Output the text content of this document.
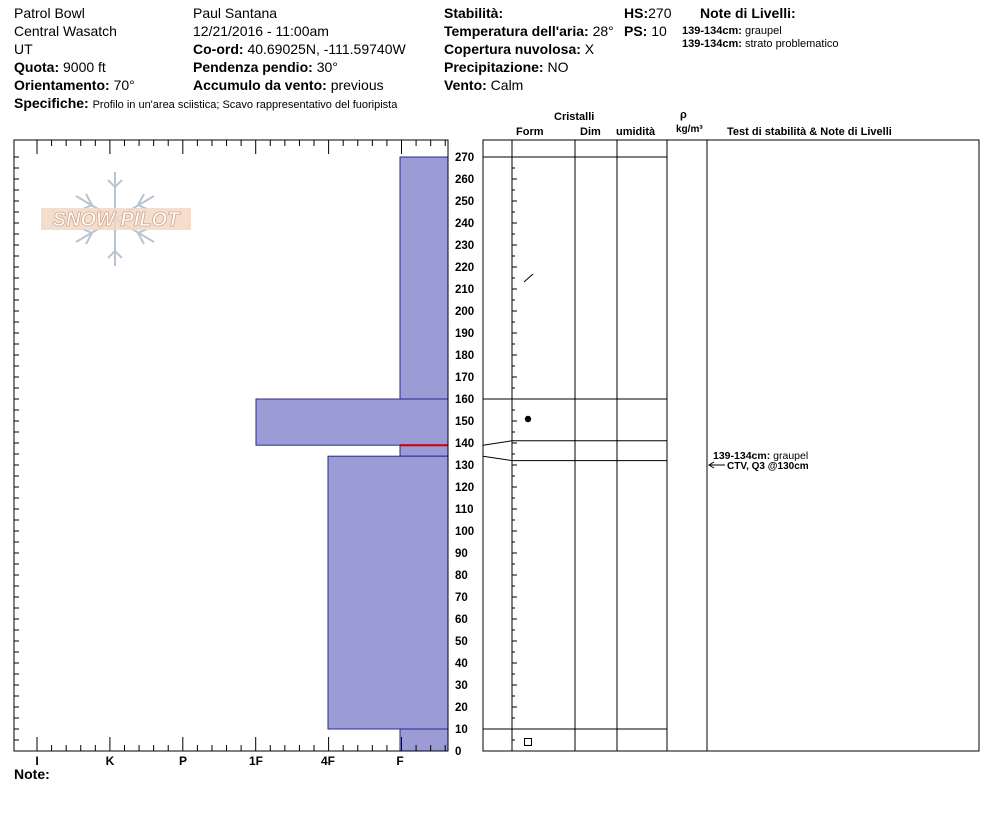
Patrol Bowl
Central Wasatch
UT
Quota: 9000 ft
Orientamento: 70°
Specifiche: Profilo in un'area sciistica; Scavo rappresentativo del fuoripista
Paul Santana
12/21/2016 - 11:00am
Co-ord: 40.69025N, -111.59740W
Pendenza pendio: 30°
Accumulo da vento: previous
Stabilità:
Temperatura dell'aria: 28°
Copertura nuvolosa: X
Precipitazione: NO
Vento: Calm
HS:270
PS: 10
Note di Livelli:
139-134cm: graupel
139-134cm: strato problematico
Cristalli
Form	Dim umidità
ρ
kg/m³ Test di stabilità & Note di Livelli
SNOW PILOT
I	K	P	1F	4F	F
0
10
20
30
40
50
60
70
80
90
100
110
120
130
140
150
160
170
180
190
200
210
220
230
240
250
260
270
139-134cm: graupel
CTV, Q3 @130cm
Note:
